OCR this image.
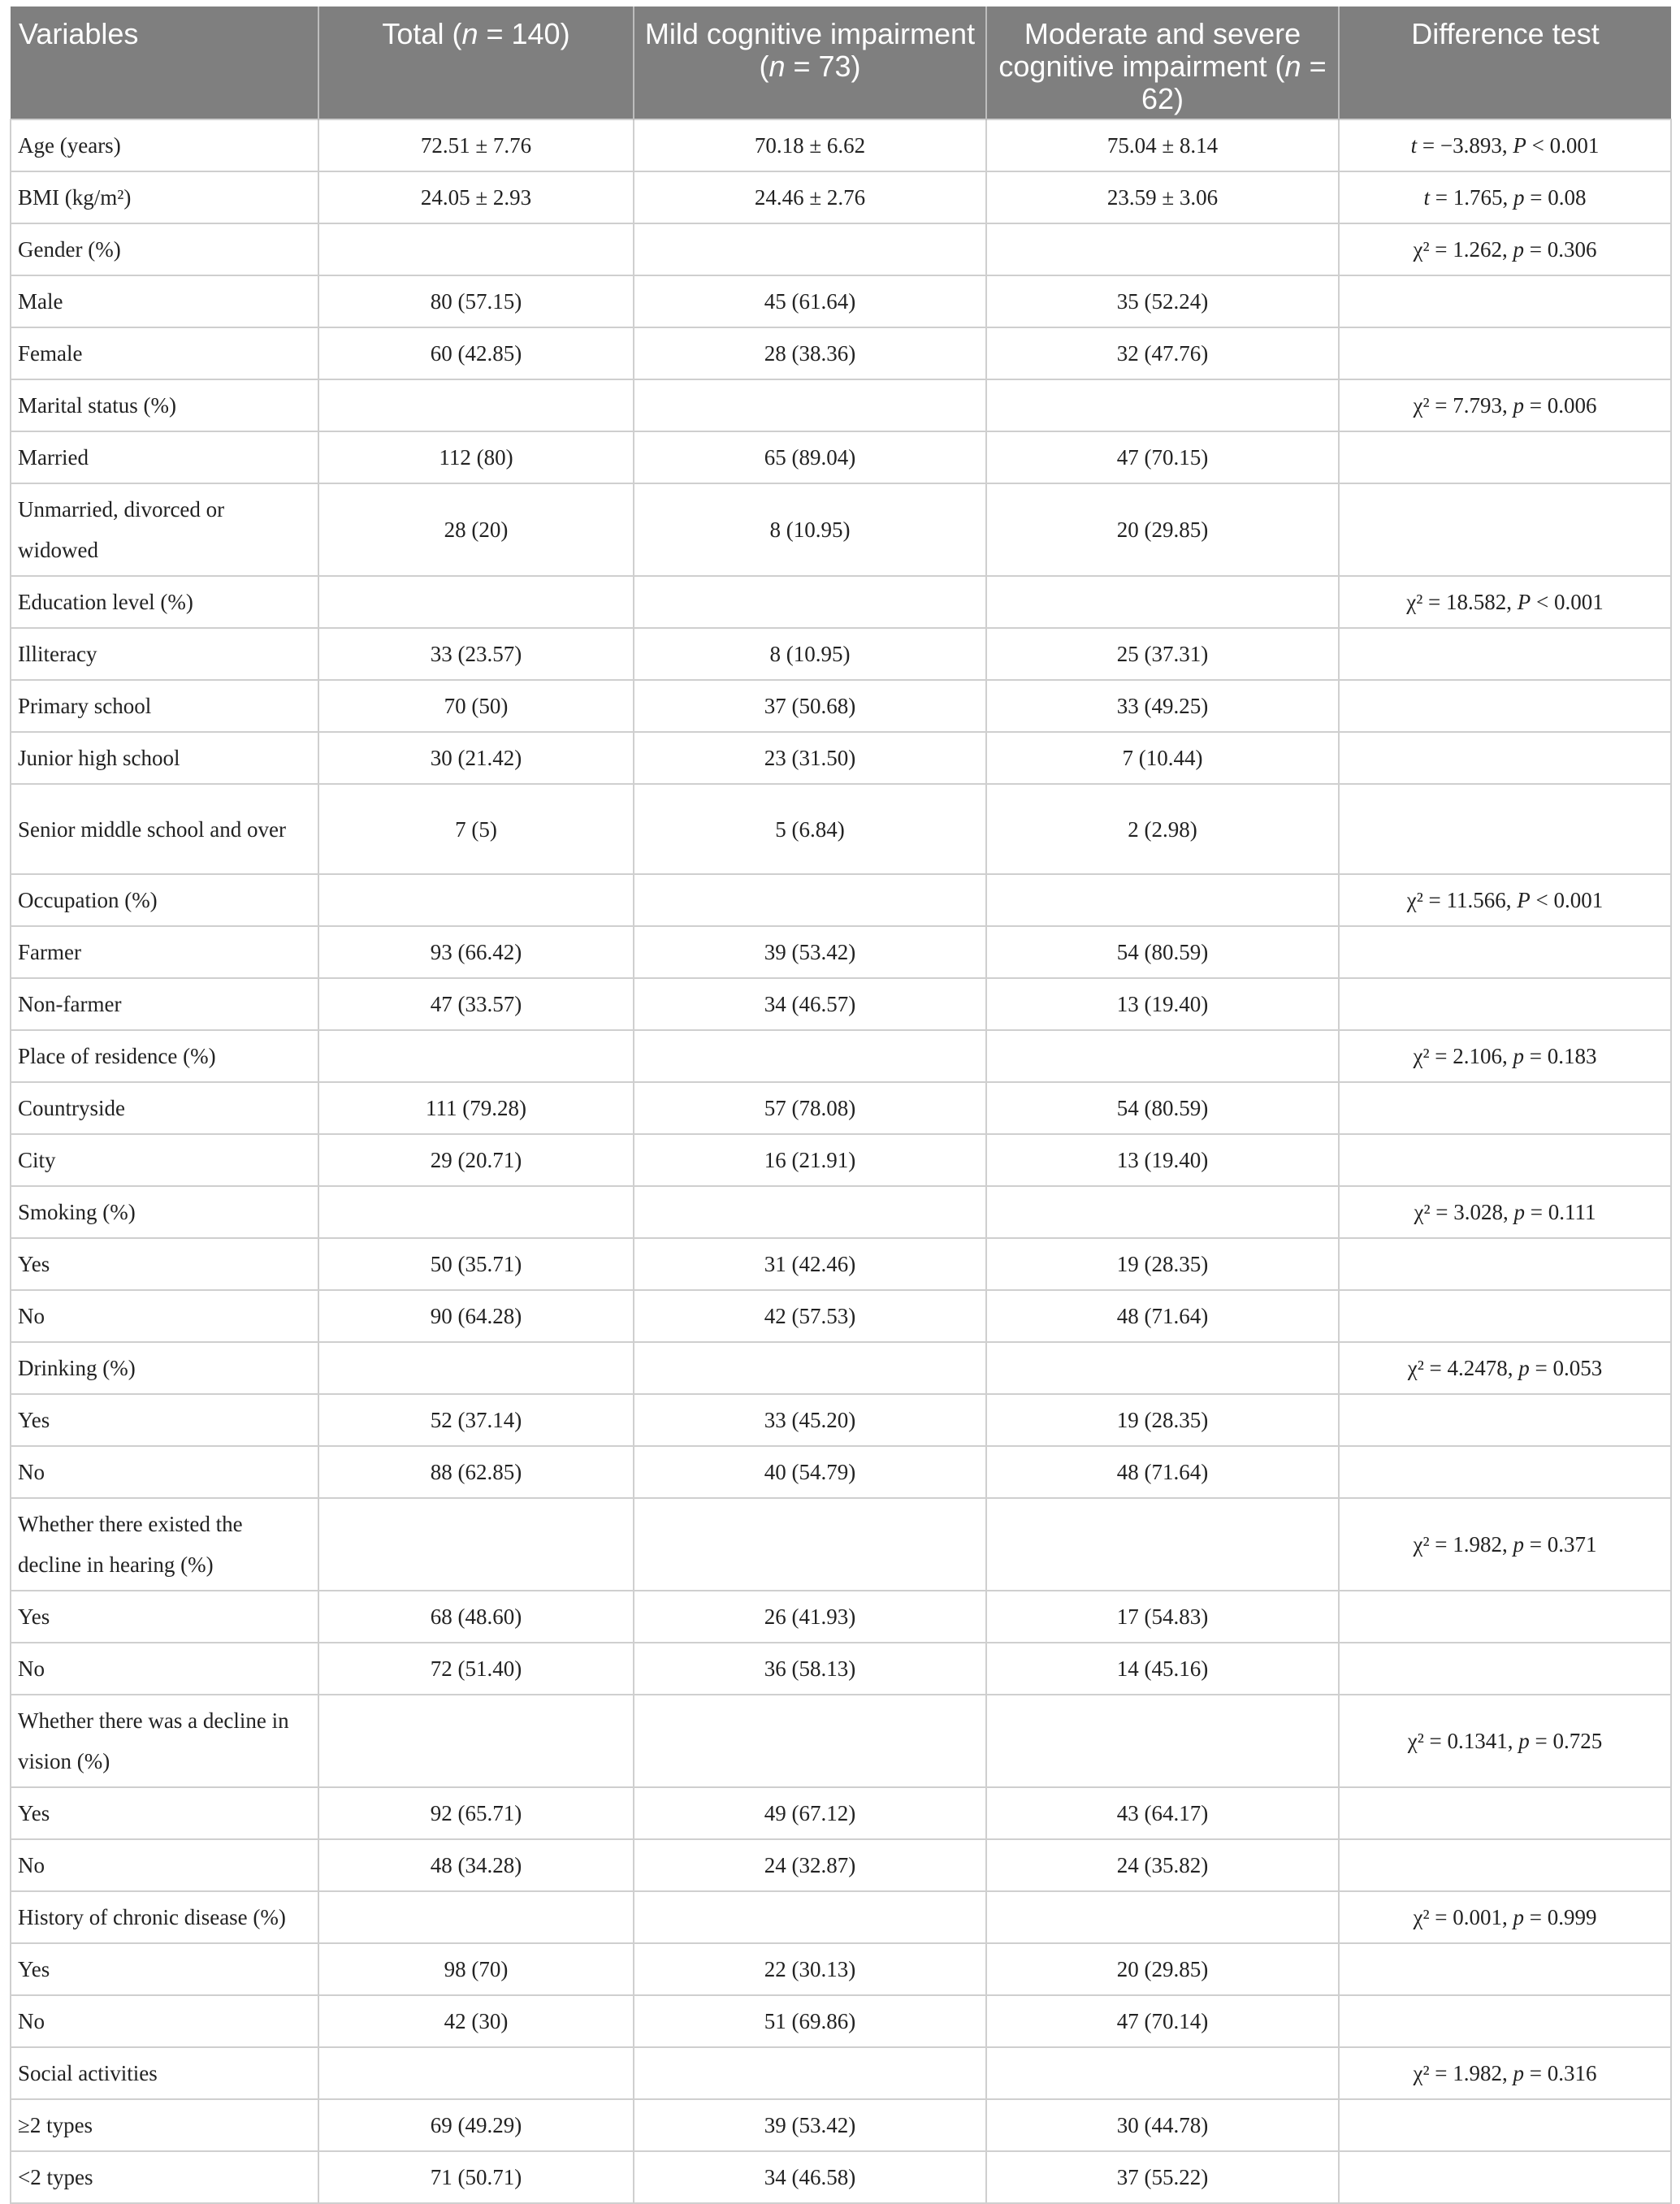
Variables	Total (n = 140)	Mild cognitive impairment (n = 73)	Moderate and severe cognitive impairment (n = 62)	Difference test
Age (years)	72.51 ± 7.76	70.18 ± 6.62	75.04 ± 8.14	t = −3.893, P < 0.001
BMI (kg/m²)	24.05 ± 2.93	24.46 ± 2.76	23.59 ± 3.06	t = 1.765, p = 0.08
Gender (%)				χ² = 1.262, p = 0.306
Male	80 (57.15)	45 (61.64)	35 (52.24)	
Female	60 (42.85)	28 (38.36)	32 (47.76)	
Marital status (%)				χ² = 7.793, p = 0.006
Married	112 (80)	65 (89.04)	47 (70.15)	
Unmarried, divorced or widowed	28 (20)	8 (10.95)	20 (29.85)	
Education level (%)				χ² = 18.582, P < 0.001
Illiteracy	33 (23.57)	8 (10.95)	25 (37.31)	
Primary school	70 (50)	37 (50.68)	33 (49.25)	
Junior high school	30 (21.42)	23 (31.50)	7 (10.44)	
Senior middle school and over	7 (5)	5 (6.84)	2 (2.98)	
Occupation (%)				χ² = 11.566, P < 0.001
Farmer	93 (66.42)	39 (53.42)	54 (80.59)	
Non-farmer	47 (33.57)	34 (46.57)	13 (19.40)	
Place of residence (%)				χ² = 2.106, p = 0.183
Countryside	111 (79.28)	57 (78.08)	54 (80.59)	
City	29 (20.71)	16 (21.91)	13 (19.40)	
Smoking (%)				χ² = 3.028, p = 0.111
Yes	50 (35.71)	31 (42.46)	19 (28.35)	
No	90 (64.28)	42 (57.53)	48 (71.64)	
Drinking (%)				χ² = 4.2478, p = 0.053
Yes	52 (37.14)	33 (45.20)	19 (28.35)	
No	88 (62.85)	40 (54.79)	48 (71.64)	
Whether there existed the decline in hearing (%)				χ² = 1.982, p = 0.371
Yes	68 (48.60)	26 (41.93)	17 (54.83)	
No	72 (51.40)	36 (58.13)	14 (45.16)	
Whether there was a decline in vision (%)				χ² = 0.1341, p = 0.725
Yes	92 (65.71)	49 (67.12)	43 (64.17)	
No	48 (34.28)	24 (32.87)	24 (35.82)	
History of chronic disease (%)				χ² = 0.001, p = 0.999
Yes	98 (70)	22 (30.13)	20 (29.85)	
No	42 (30)	51 (69.86)	47 (70.14)	
Social activities				χ² = 1.982, p = 0.316
≥2 types	69 (49.29)	39 (53.42)	30 (44.78)	
<2 types	71 (50.71)	34 (46.58)	37 (55.22)	
